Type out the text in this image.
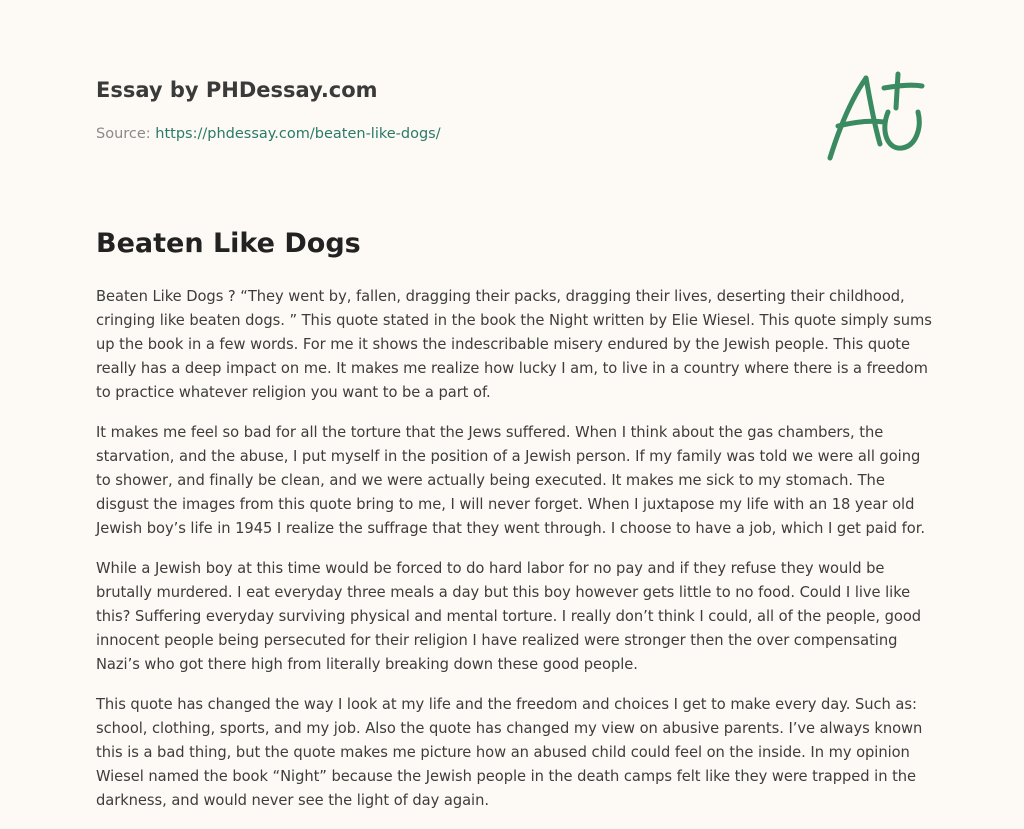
Essay by PHDessay.com
Source: https://phdessay.com/beaten-like-dogs/
Beaten Like Dogs

Beaten Like Dogs ? “They went by, fallen, dragging their packs, dragging their lives, deserting their childhood, cringing like beaten dogs. ” This quote stated in the book the Night written by Elie Wiesel. This quote simply sums up the book in a few words. For me it shows the indescribable misery endured by the Jewish people. This quote really has a deep impact on me. It makes me realize how lucky I am, to live in a country where there is a freedom to practice whatever religion you want to be a part of.

It makes me feel so bad for all the torture that the Jews suffered. When I think about the gas chambers, the starvation, and the abuse, I put myself in the position of a Jewish person. If my family was told we were all going to shower, and finally be clean, and we were actually being executed. It makes me sick to my stomach. The disgust the images from this quote bring to me, I will never forget. When I juxtapose my life with an 18 year old Jewish boy’s life in 1945 I realize the suffrage that they went through. I choose to have a job, which I get paid for.

While a Jewish boy at this time would be forced to do hard labor for no pay and if they refuse they would be brutally murdered. I eat everyday three meals a day but this boy however gets little to no food. Could I live like this? Suffering everyday surviving physical and mental torture. I really don’t think I could, all of the people, good innocent people being persecuted for their religion I have realized were stronger then the over compensating Nazi’s who got there high from literally breaking down these good people.

This quote has changed the way I look at my life and the freedom and choices I get to make every day. Such as: school, clothing, sports, and my job. Also the quote has changed my view on abusive parents. I’ve always known this is a bad thing, but the quote makes me picture how an abused child could feel on the inside. In my opinion Wiesel named the book “Night” because the Jewish people in the death camps felt like they were trapped in the darkness, and would never see the light of day again.
